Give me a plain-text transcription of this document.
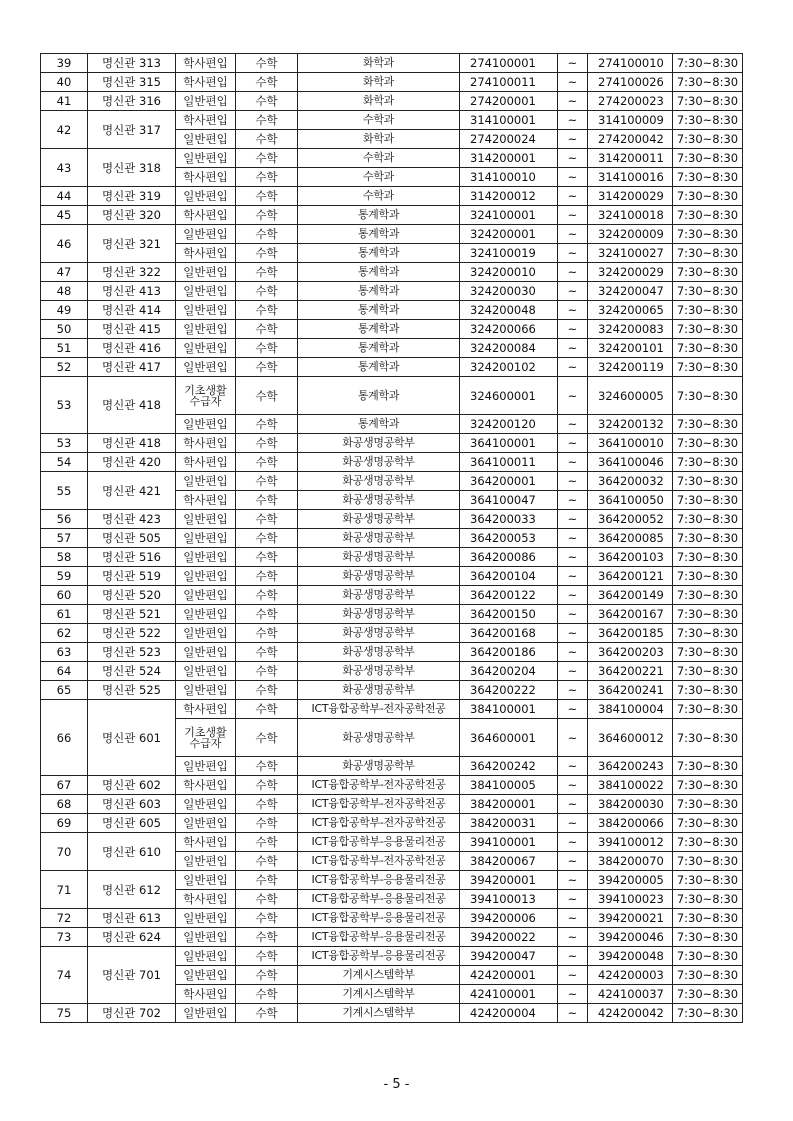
39	명신관 313	학사편입	수학	화학과	274100001	~	274100010	7:30~8:30
40	명신관 315	학사편입	수학	화학과	274100011	~	274100026	7:30~8:30
41	명신관 316	일반편입	수학	화학과	274200001	~	274200023	7:30~8:30
42	명신관 317	학사편입	수학	수학과	314100001	~	314100009	7:30~8:30
		일반편입	수학	화학과	274200024	~	274200042	7:30~8:30
43	명신관 318	일반편입	수학	수학과	314200001	~	314200011	7:30~8:30
		학사편입	수학	수학과	314100010	~	314100016	7:30~8:30
44	명신관 319	일반편입	수학	수학과	314200012	~	314200029	7:30~8:30
45	명신관 320	학사편입	수학	통계학과	324100001	~	324100018	7:30~8:30
46	명신관 321	일반편입	수학	통계학과	324200001	~	324200009	7:30~8:30
		학사편입	수학	통계학과	324100019	~	324100027	7:30~8:30
47	명신관 322	일반편입	수학	통계학과	324200010	~	324200029	7:30~8:30
48	명신관 413	일반편입	수학	통계학과	324200030	~	324200047	7:30~8:30
49	명신관 414	일반편입	수학	통계학과	324200048	~	324200065	7:30~8:30
50	명신관 415	일반편입	수학	통계학과	324200066	~	324200083	7:30~8:30
51	명신관 416	일반편입	수학	통계학과	324200084	~	324200101	7:30~8:30
52	명신관 417	일반편입	수학	통계학과	324200102	~	324200119	7:30~8:30
53	명신관 418	기초생활
수급자	수학	통계학과	324600001	~	324600005	7:30~8:30
		일반편입	수학	통계학과	324200120	~	324200132	7:30~8:30
53	명신관 418	학사편입	수학	화공생명공학부	364100001	~	364100010	7:30~8:30
54	명신관 420	학사편입	수학	화공생명공학부	364100011	~	364100046	7:30~8:30
55	명신관 421	일반편입	수학	화공생명공학부	364200001	~	364200032	7:30~8:30
		학사편입	수학	화공생명공학부	364100047	~	364100050	7:30~8:30
56	명신관 423	일반편입	수학	화공생명공학부	364200033	~	364200052	7:30~8:30
57	명신관 505	일반편입	수학	화공생명공학부	364200053	~	364200085	7:30~8:30
58	명신관 516	일반편입	수학	화공생명공학부	364200086	~	364200103	7:30~8:30
59	명신관 519	일반편입	수학	화공생명공학부	364200104	~	364200121	7:30~8:30
60	명신관 520	일반편입	수학	화공생명공학부	364200122	~	364200149	7:30~8:30
61	명신관 521	일반편입	수학	화공생명공학부	364200150	~	364200167	7:30~8:30
62	명신관 522	일반편입	수학	화공생명공학부	364200168	~	364200185	7:30~8:30
63	명신관 523	일반편입	수학	화공생명공학부	364200186	~	364200203	7:30~8:30
64	명신관 524	일반편입	수학	화공생명공학부	364200204	~	364200221	7:30~8:30
65	명신관 525	일반편입	수학	화공생명공학부	364200222	~	364200241	7:30~8:30
66	명신관 601	학사편입	수학	ICT융합공학부-전자공학전공	384100001	~	384100004	7:30~8:30
		기초생활
수급자	수학	화공생명공학부	364600001	~	364600012	7:30~8:30
		일반편입	수학	화공생명공학부	364200242	~	364200243	7:30~8:30
67	명신관 602	학사편입	수학	ICT융합공학부-전자공학전공	384100005	~	384100022	7:30~8:30
68	명신관 603	일반편입	수학	ICT융합공학부-전자공학전공	384200001	~	384200030	7:30~8:30
69	명신관 605	일반편입	수학	ICT융합공학부-전자공학전공	384200031	~	384200066	7:30~8:30
70	명신관 610	학사편입	수학	ICT융합공학부-응용물리전공	394100001	~	394100012	7:30~8:30
		일반편입	수학	ICT융합공학부-전자공학전공	384200067	~	384200070	7:30~8:30
71	명신관 612	일반편입	수학	ICT융합공학부-응용물리전공	394200001	~	394200005	7:30~8:30
		학사편입	수학	ICT융합공학부-응용물리전공	394100013	~	394100023	7:30~8:30
72	명신관 613	일반편입	수학	ICT융합공학부-응용물리전공	394200006	~	394200021	7:30~8:30
73	명신관 624	일반편입	수학	ICT융합공학부-응용물리전공	394200022	~	394200046	7:30~8:30
74	명신관 701	일반편입	수학	ICT융합공학부-응용물리전공	394200047	~	394200048	7:30~8:30
		일반편입	수학	기계시스템학부	424200001	~	424200003	7:30~8:30
		학사편입	수학	기계시스템학부	424100001	~	424100037	7:30~8:30
75	명신관 702	일반편입	수학	기계시스템학부	424200004	~	424200042	7:30~8:30
- 5 -
